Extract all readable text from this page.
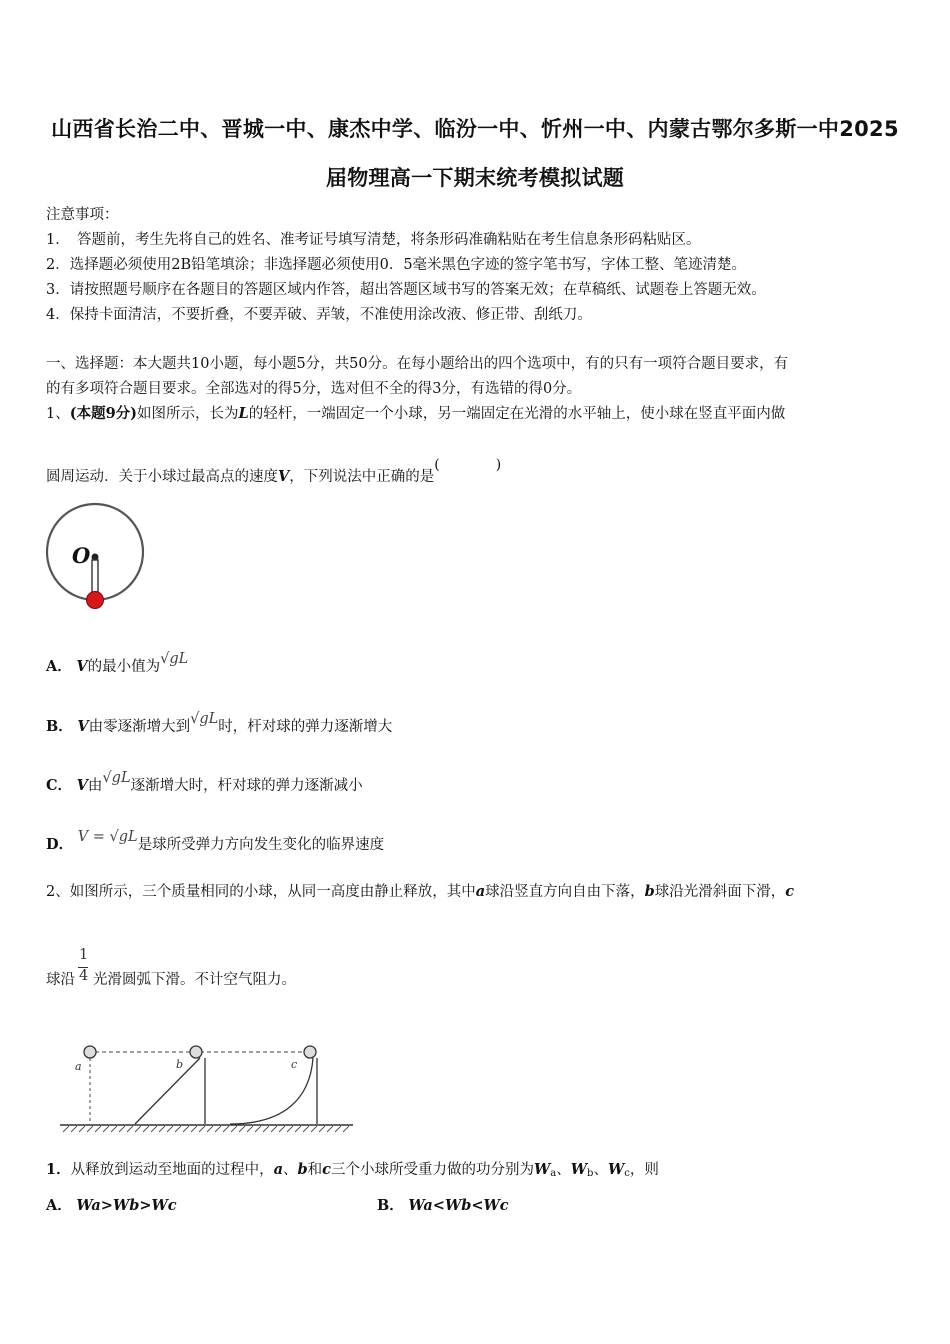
山西省长治二中、晋城一中、康杰中学、临汾一中、忻州一中、内蒙古鄂尔多斯一中2025
届物理高一下期末统考模拟试题
注意事项：
1．　答题前，考生先将自己的姓名、准考证号填写清楚，将条形码准确粘贴在考生信息条形码粘贴区。
2．选择题必须使用2B铅笔填涂；非选择题必须使用0．5毫米黑色字迹的签字笔书写，字体工整、笔迹清楚。
3．请按照题号顺序在各题目的答题区域内作答，超出答题区域书写的答案无效；在草稿纸、试题卷上答题无效。
4．保持卡面清洁，不要折叠，不要弄破、弄皱，不准使用涂改液、修正带、刮纸刀。
一、选择题：本大题共10小题，每小题5分，共50分。在每小题给出的四个选项中，有的只有一项符合题目要求，有
的有多项符合题目要求。全部选对的得5分，选对但不全的得3分，有选错的得0分。
1、(本题9分)如图所示，长为L的轻杆，一端固定一个小球，另一端固定在光滑的水平轴上，使小球在竖直平面内做
圆周运动．关于小球过最高点的速度V，下列说法中正确的是(　　　　)
O
A． V的最小值为√gL
B． V由零逐渐增大到√gL时，杆对球的弹力逐渐增大
C． V由√gL逐渐增大时，杆对球的弹力逐渐减小
D． V = √gL是球所受弹力方向发生变化的临界速度
2、如图所示，三个质量相同的小球，从同一高度由静止释放，其中a球沿竖直方向自由下落，b球沿光滑斜面下滑，c
球沿 $\frac{1}{4}$ 光滑圆弧下滑。不计空气阻力。
a	b	c
1．从释放到运动至地面的过程中，a、b和c三个小球所受重力做的功分别为$W_a$、$W_b$、$W_c$，则
A． Wa>Wb>Wc	B． Wa<Wb<Wc
